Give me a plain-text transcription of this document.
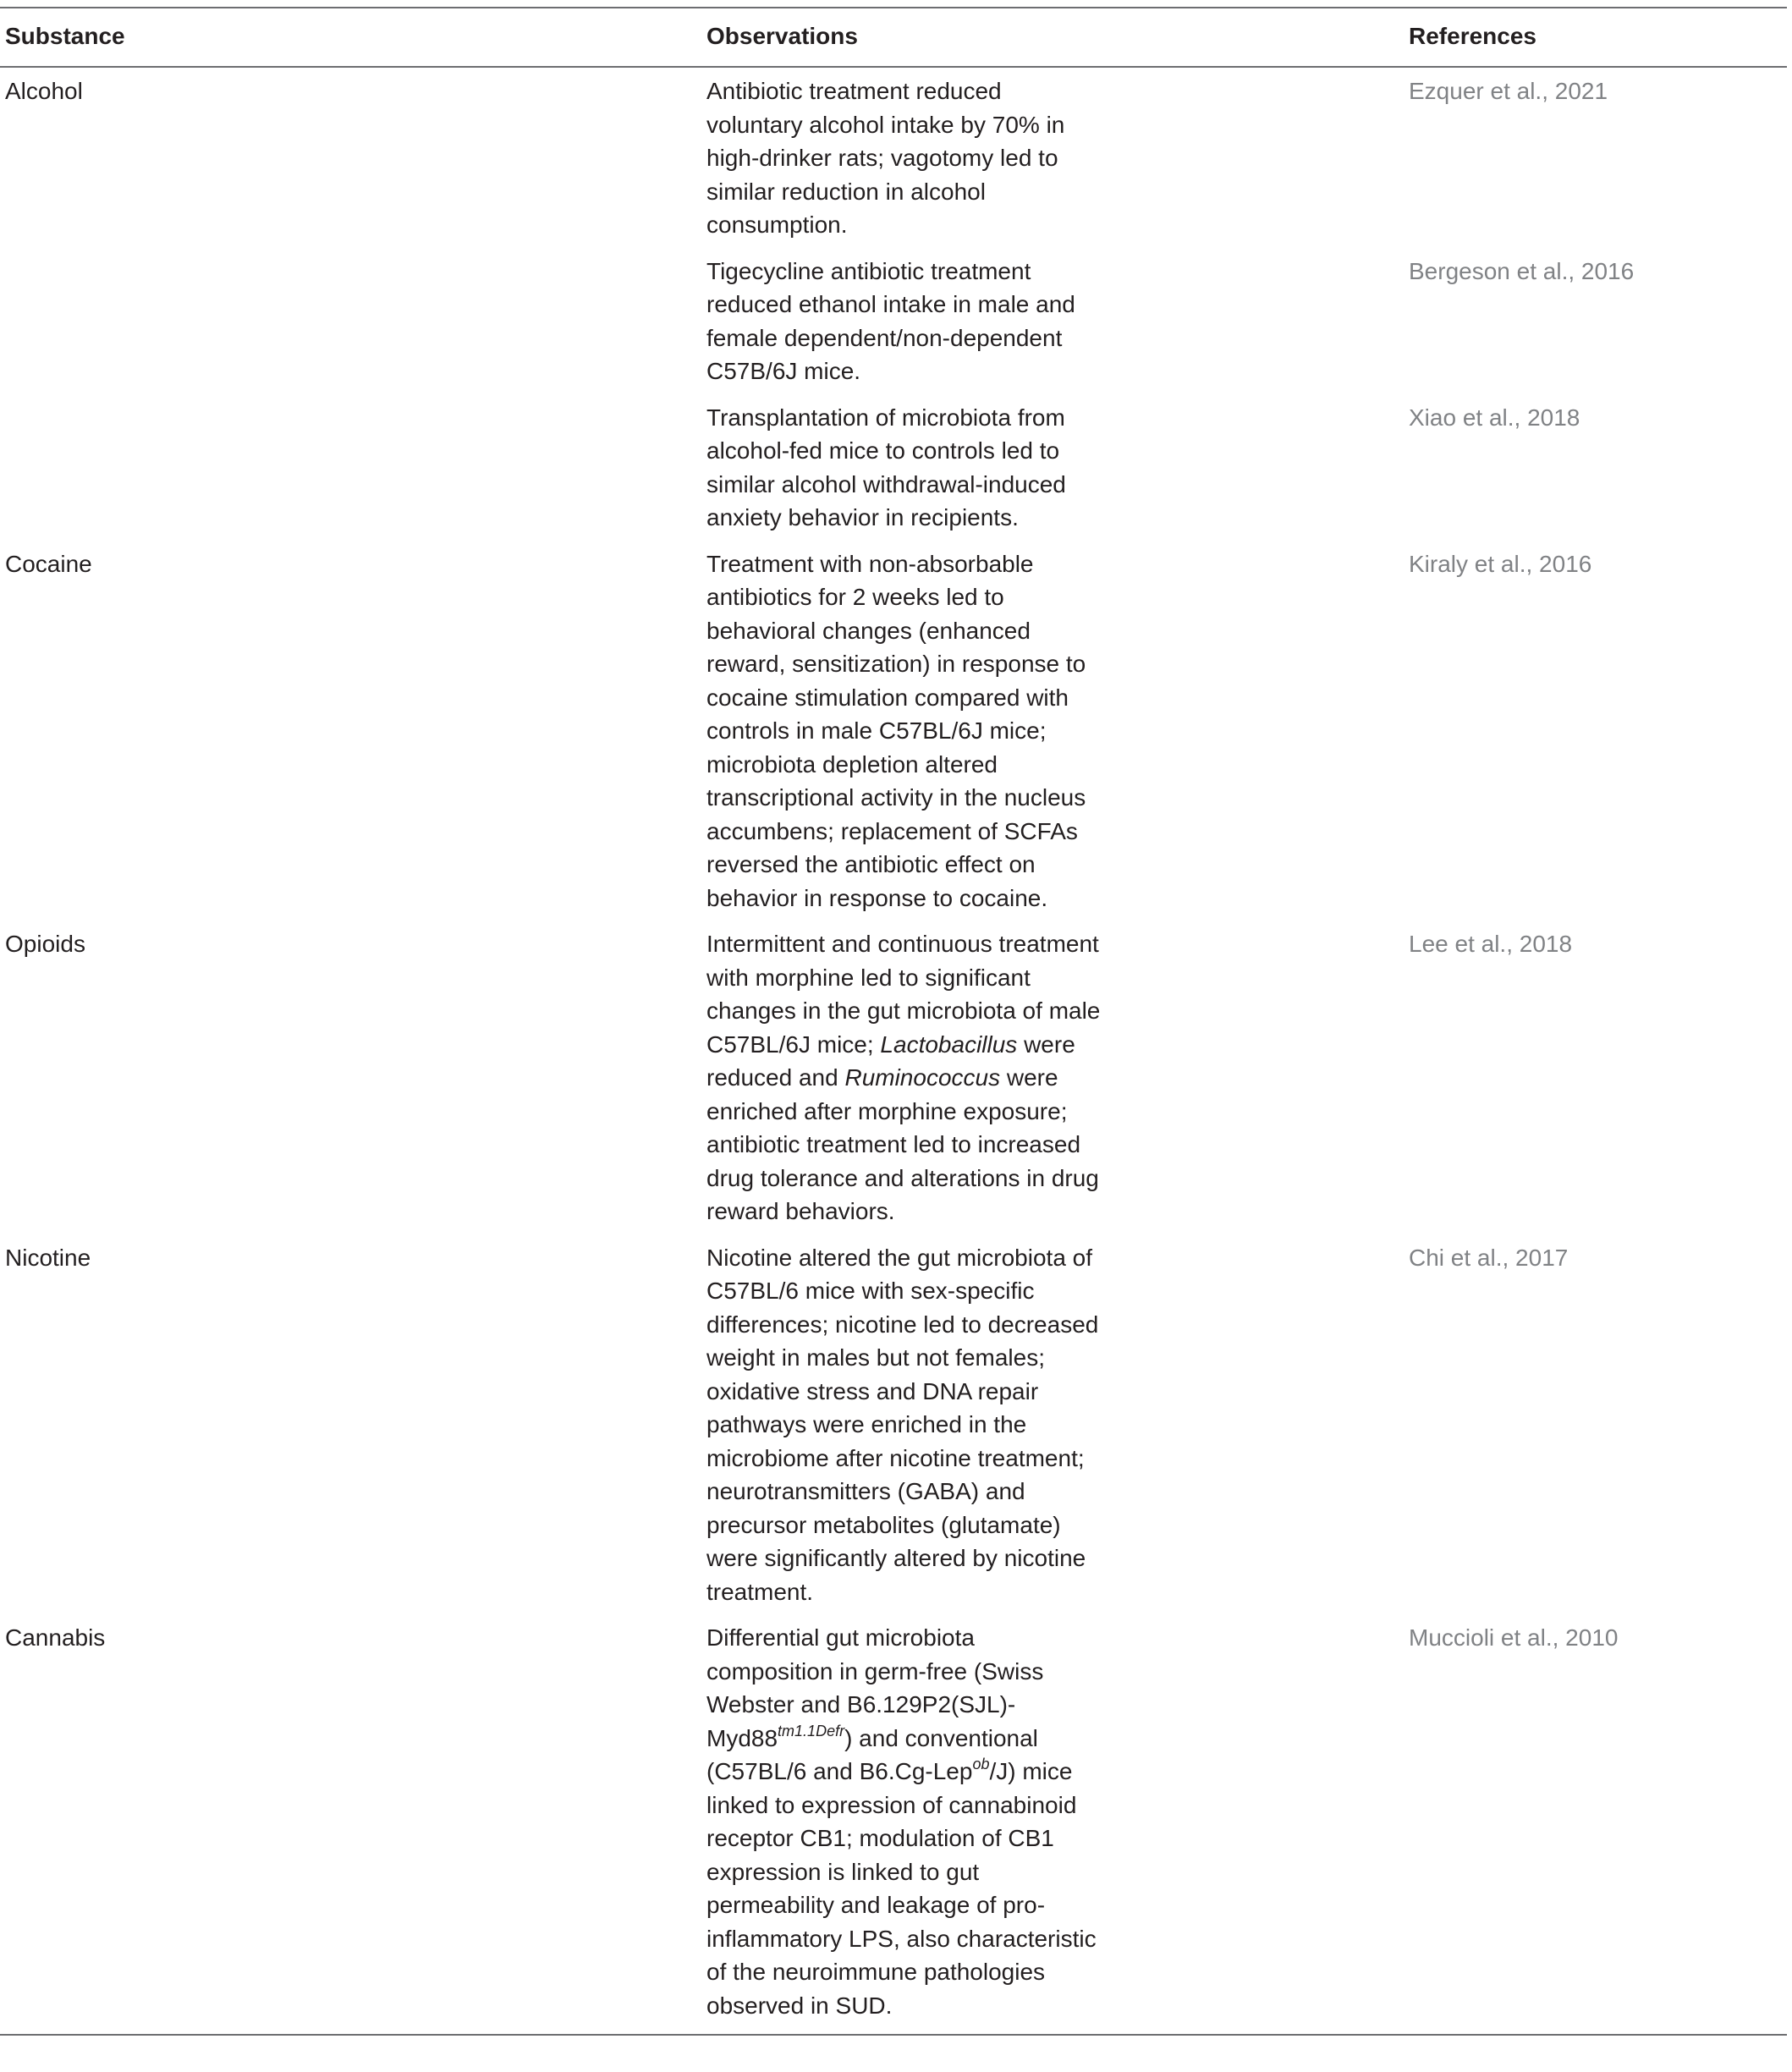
Substance	Observations	References
Alcohol	Antibiotic treatment reduced voluntary alcohol intake by 70% in high-drinker rats; vagotomy led to similar reduction in alcohol consumption.	Ezquer et al., 2021

	Tigecycline antibiotic treatment reduced ethanol intake in male and female dependent/non-dependent C57B/6J mice.	Bergeson et al., 2016

	Transplantation of microbiota from alcohol-fed mice to controls led to similar alcohol withdrawal-induced anxiety behavior in recipients.	Xiao et al., 2018
Cocaine	Treatment with non-absorbable antibiotics for 2 weeks led to behavioral changes (enhanced reward, sensitization) in response to cocaine stimulation compared with controls in male C57BL/6J mice; microbiota depletion altered transcriptional activity in the nucleus accumbens; replacement of SCFAs reversed the antibiotic effect on behavior in response to cocaine.	Kiraly et al., 2016
Opioids	Intermittent and continuous treatment with morphine led to significant changes in the gut microbiota of male C57BL/6J mice; Lactobacillus were reduced and Ruminococcus were enriched after morphine exposure; antibiotic treatment led to increased drug tolerance and alterations in drug reward behaviors.	Lee et al., 2018
Nicotine	Nicotine altered the gut microbiota of C57BL/6 mice with sex-specific differences; nicotine led to decreased weight in males but not females; oxidative stress and DNA repair pathways were enriched in the microbiome after nicotine treatment; neurotransmitters (GABA) and precursor metabolites (glutamate) were significantly altered by nicotine treatment.	Chi et al., 2017
Cannabis	Differential gut microbiota composition in germ-free (Swiss Webster and $B6.129P2(SJL)-Myd88^{tm1.1Defr}$) and conventional (C57BL/6 and B6.Cg-Lep$^{ob}$/J) mice linked to expression of cannabinoid receptor CB1; modulation of CB1 expression is linked to gut permeability and leakage of pro-inflammatory LPS, also characteristic of the neuroimmune pathologies observed in SUD.	Muccioli et al., 2010
